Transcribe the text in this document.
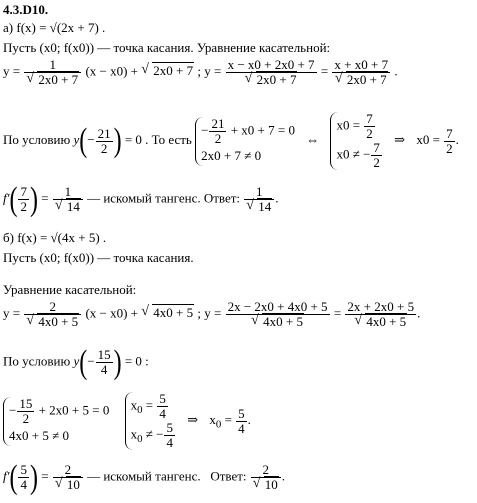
4.3.D10.
а) f(x) = √(2x + 7) .
Пусть (x0; f(x0)) — точка касания. Уравнение касательной:
y = 1
√ 2x0 + 7 (x − x0) + √ 2x0 + 7 ; y = x − x0 + 2x0 + 7
√ 2x0 + 7 = x + x0 + 7
√ 2x0 + 7 .
По условию $y(- \frac{21}{2}$ ) = 0 . То есть
− $\frac{21}{2} + x0 + 7 = 0$
2x0 + 7 ≠ 0
⇔
$x0 = \frac{7}{2}$
x0 ≠ − $\frac{7}{2}$
⇒ $x0 = \frac{7}{2}$ .
$f'( \frac{7}{2}$ ) = 1
√ 14 — искомый тангенс. Ответ: 1
√ 14 .
б) f(x) = √(4x + 5) .
Пусть (x0; f(x0)) — точка касания.
Уравнение касательной:
y = 2
√ 4x0 + 5 (x − x0) + √ 4x0 + 5 ; y = 2x − 2x0 + 4x0 + 5
√ 4x0 + 5 = 2x + 2x0 + 5
√ 4x0 + 5 .
По условию $y(- \frac{15}{4}$ ) = 0 :
− $\frac{15}{2} + 2x0 + 5 = 0$
4x0 + 5 ≠ 0

$x_0 = \frac{5}{4}$
$x_0$ ≠ − $\frac{5}{4}$
⇒ $x_0 = \frac{5}{4}$ .
$f'( \frac{5}{4}$ ) = 2
√ 10 — искомый тангенс. Ответ: 2
√ 10 .
